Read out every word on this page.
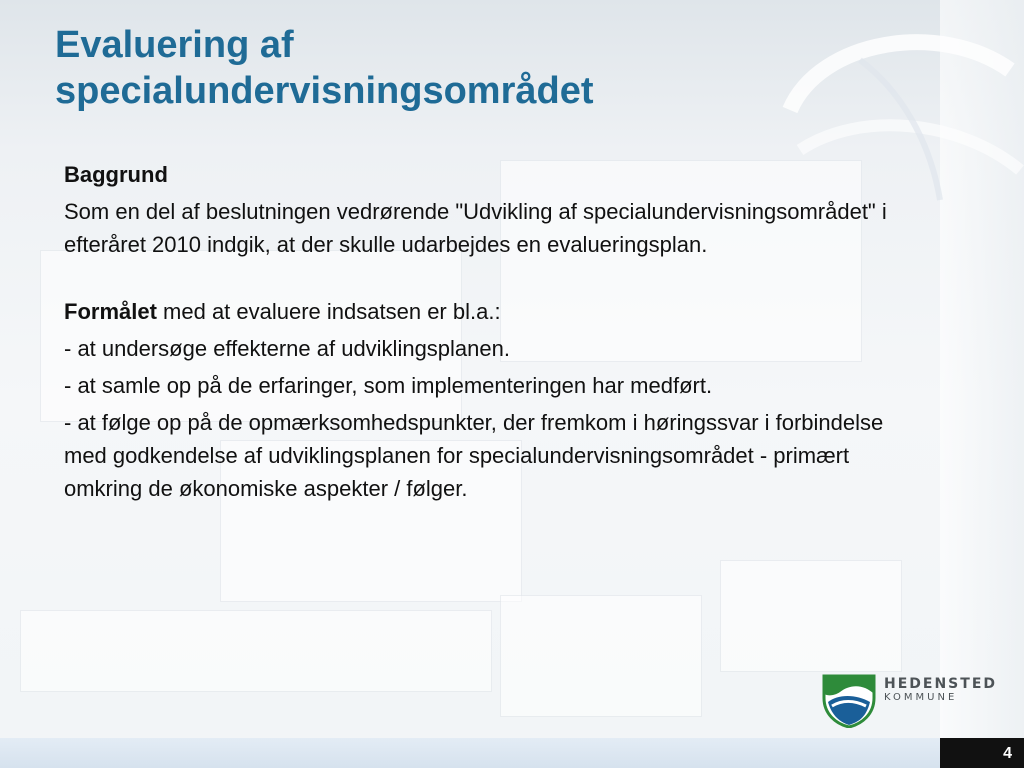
Evaluering af
specialundervisningsområdet

Baggrund

Som en del af beslutningen vedrørende "Udvikling af specialundervisningsområdet" i efteråret 2010 indgik, at der skulle udarbejdes en evalueringsplan.

Formålet med at evaluere indsatsen er bl.a.:

- at undersøge effekterne af udviklingsplanen.

- at samle op på de erfaringer, som implementeringen har medført.

- at følge op på de opmærksomhedspunkter, der fremkom i høringssvar i forbindelse med godkendelse af udviklingsplanen for specialundervisningsområdet - primært omkring de økonomiske aspekter / følger.

HEDENSTED
KOMMUNE
4
